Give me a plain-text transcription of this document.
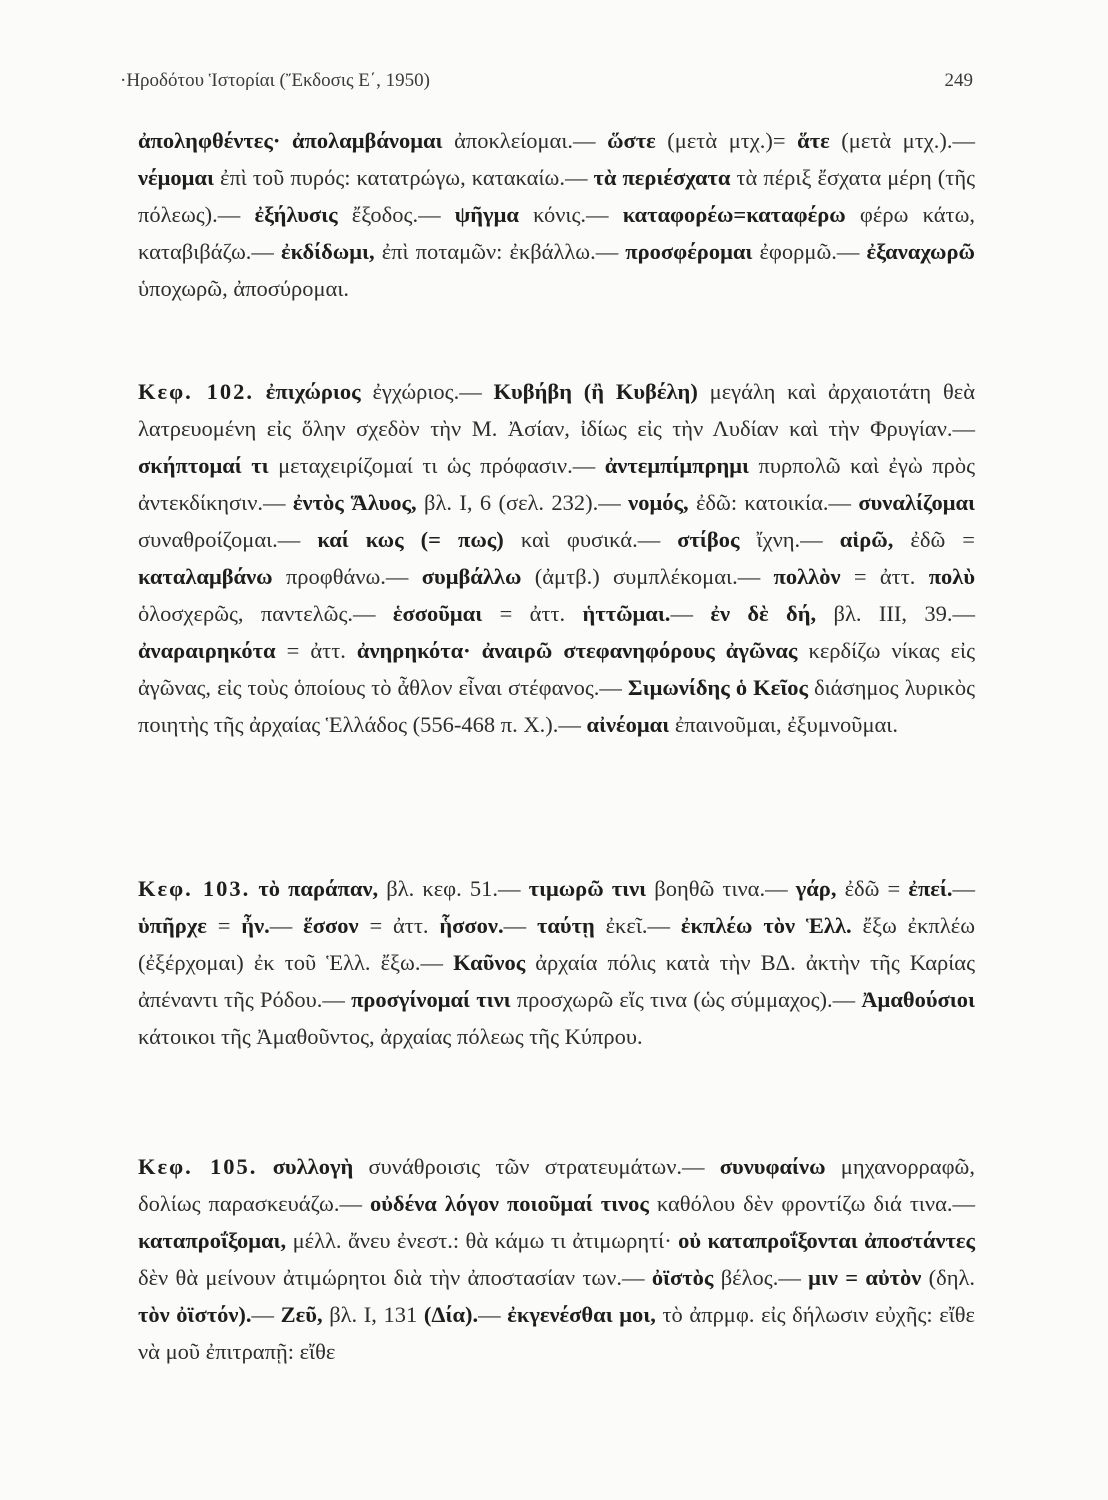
·Ηροδότου Ἱστορίαι (Ἔκδοσις Ε΄, 1950)	249

ἀποληφθέντες· ἀπολαμβάνομαι ἀποκλείομαι.— ὥστε (μετὰ μτχ.)= ἅτε (μετὰ μτχ.).— νέμομαι ἐπὶ τοῦ πυρός: κατατρώγω, κατακαίω.— τὰ περιέσχατα τὰ πέριξ ἔσχατα μέρη (τῆς πόλεως).— ἐξήλυσις ἔξοδος.— ψῆγμα κόνις.— καταφορέω=καταφέρω φέρω κάτω, καταβιβάζω.— ἐκδίδωμι, ἐπὶ ποταμῶν: ἐκβάλλω.— προσφέρομαι ἐφορμῶ.— ἐξαναχωρῶ ὑποχωρῶ, ἀποσύρομαι.

Κεφ. 102. ἐπιχώριος ἐγχώριος.— Κυβήβη (ἢ Κυβέλη) μεγάλη καὶ ἀρχαιοτάτη θεὰ λατρευομένη εἰς ὅλην σχεδὸν τὴν Μ. Ἀσίαν, ἰδίως εἰς τὴν Λυδίαν καὶ τὴν Φρυγίαν.— σκήπτομαί τι μεταχειρίζομαί τι ὡς πρόφασιν.— ἀντεμπίμπρημι πυρπολῶ καὶ ἐγὼ πρὸς ἀντεκδίκησιν.— ἐντὸς Ἅλυος, βλ. Ι, 6 (σελ. 232).— νομός, ἐδῶ: κατοικία.— συναλίζομαι συναθροίζομαι.— καί κως (= πως) καὶ φυσικά.— στίβος ἴχνη.— αἱρῶ, ἐδῶ = καταλαμβάνω προφθάνω.— συμβάλλω (ἀμτβ.) συμπλέκομαι.— πολλὸν = ἀττ. πολὺ ὁλοσχερῶς, παντελῶς.— ἑσσοῦμαι = ἀττ. ἡττῶμαι.— ἐν δὲ δή, βλ. ΙΙΙ, 39.— ἀναραιρηκότα = ἀττ. ἀνηρηκότα· ἀναιρῶ στεφανηφόρους ἀγῶνας κερδίζω νίκας εἰς ἀγῶνας, εἰς τοὺς ὁποίους τὸ ἆθλον εἶναι στέφανος.— Σιμωνίδης ὁ Κεῖος διάσημος λυρικὸς ποιητὴς τῆς ἀρχαίας Ἑλλάδος (556-468 π. Χ.).— αἰνέομαι ἐπαινοῦμαι, ἐξυμνοῦμαι.

Κεφ. 103. τὸ παράπαν, βλ. κεφ. 51.— τιμωρῶ τινι βοηθῶ τινα.— γάρ, ἐδῶ = ἐπεί.— ὑπῆρχε = ἦν.— ἕσσον = ἀττ. ἧσσον.— ταύτῃ ἐκεῖ.— ἐκπλέω τὸν Ἑλλ. ἔξω ἐκπλέω (ἐξέρχομαι) ἐκ τοῦ Ἑλλ. ἔξω.— Καῦνος ἀρχαία πόλις κατὰ τὴν ΒΔ. ἀκτὴν τῆς Καρίας ἀπέναντι τῆς Ρόδου.— προσγίνομαί τινι προσχωρῶ εἴς τινα (ὡς σύμμαχος).— Ἀμαθούσιοι κάτοικοι τῆς Ἀμαθοῦντος, ἀρχαίας πόλεως τῆς Κύπρου.

Κεφ. 105. συλλογὴ συνάθροισις τῶν στρατευμάτων.— συνυφαίνω μηχανορραφῶ, δολίως παρασκευάζω.— οὐδένα λόγον ποιοῦμαί τινος καθόλου δὲν φροντίζω διά τινα.— καταπροΐξομαι, μέλλ. ἄνευ ἐνεστ.: θὰ κάμω τι ἀτιμωρητί· οὐ καταπροΐξονται ἀποστάντες δὲν θὰ μείνουν ἀτιμώρητοι διὰ τὴν ἀποστασίαν των.— ὀϊστὸς βέλος.— μιν = αὐτὸν (δηλ. τὸν ὀϊστόν).— Ζεῦ, βλ. Ι, 131 (Δία).— ἐκγενέσθαι μοι, τὸ ἀπρμφ. εἰς δήλωσιν εὐχῆς: εἴθε νὰ μοῦ ἐπιτραπῇ: εἴθε
